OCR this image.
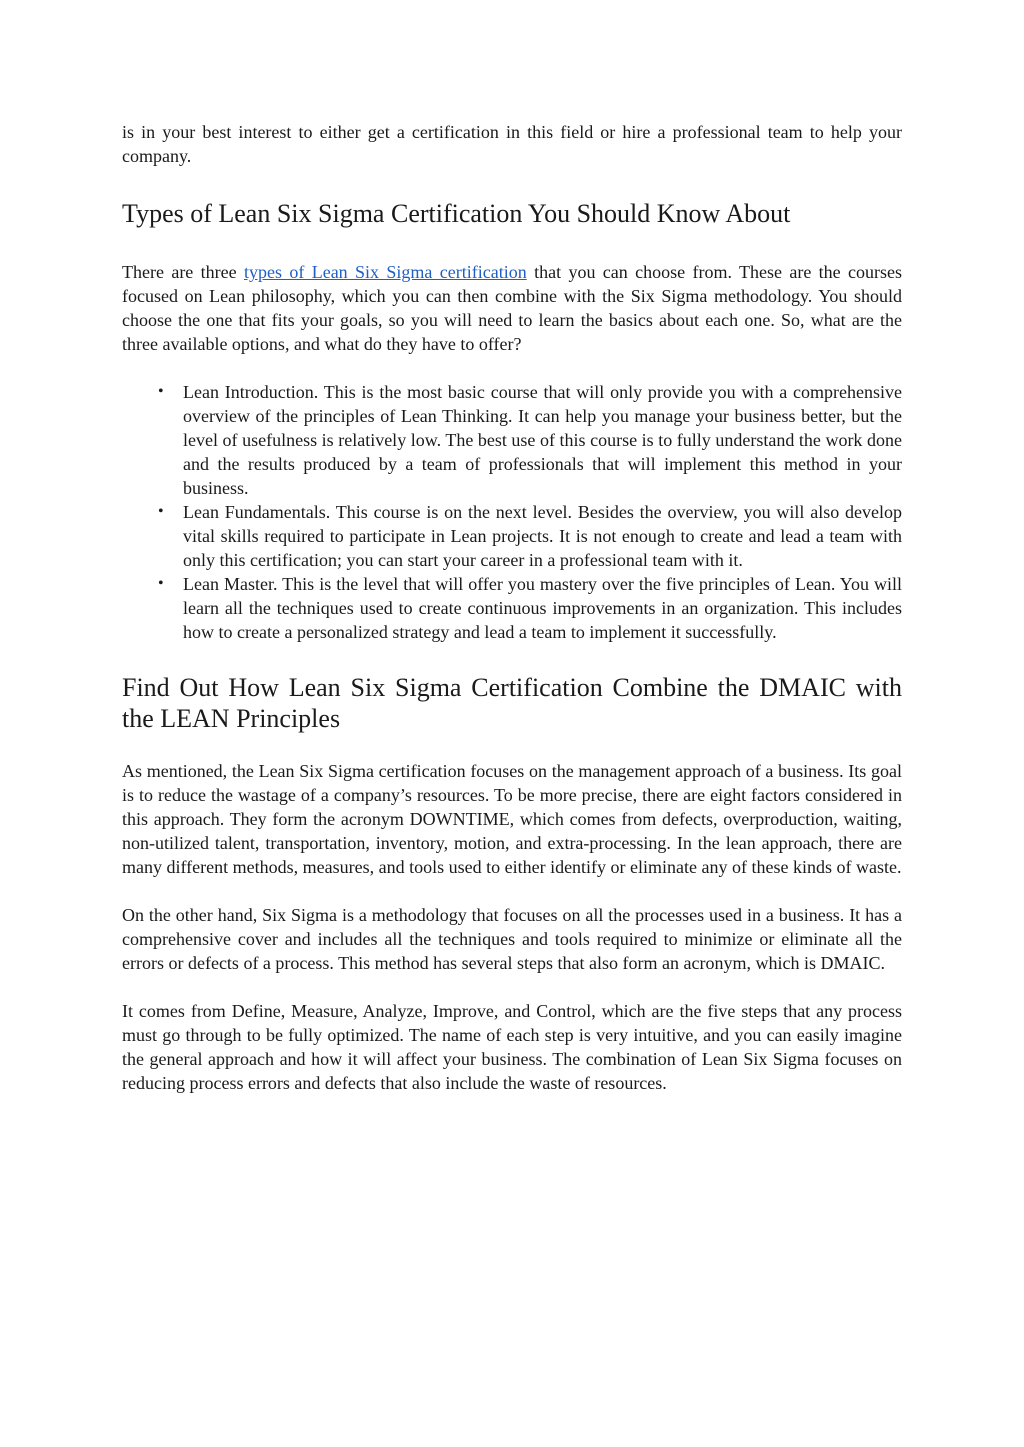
is in your best interest to either get a certification in this field or hire a professional team to help your company.

Types of Lean Six Sigma Certification You Should Know About

There are three types of Lean Six Sigma certification that you can choose from. These are the courses focused on Lean philosophy, which you can then combine with the Six Sigma methodology. You should choose the one that fits your goals, so you will need to learn the basics about each one. So, what are the three available options, and what do they have to offer?

• Lean Introduction. This is the most basic course that will only provide you with a comprehensive overview of the principles of Lean Thinking. It can help you manage your business better, but the level of usefulness is relatively low. The best use of this course is to fully understand the work done and the results produced by a team of professionals that will implement this method in your business.
• Lean Fundamentals. This course is on the next level. Besides the overview, you will also develop vital skills required to participate in Lean projects. It is not enough to create and lead a team with only this certification; you can start your career in a professional team with it.
• Lean Master. This is the level that will offer you mastery over the five principles of Lean. You will learn all the techniques used to create continuous improvements in an organization. This includes how to create a personalized strategy and lead a team to implement it successfully.
Find Out How Lean Six Sigma Certification Combine the DMAIC with the LEAN Principles

As mentioned, the Lean Six Sigma certification focuses on the management approach of a business. Its goal is to reduce the wastage of a company’s resources. To be more precise, there are eight factors considered in this approach. They form the acronym DOWNTIME, which comes from defects, overproduction, waiting, non-utilized talent, transportation, inventory, motion, and extra-processing. In the lean approach, there are many different methods, measures, and tools used to either identify or eliminate any of these kinds of waste.

On the other hand, Six Sigma is a methodology that focuses on all the processes used in a business. It has a comprehensive cover and includes all the techniques and tools required to minimize or eliminate all the errors or defects of a process. This method has several steps that also form an acronym, which is DMAIC.

It comes from Define, Measure, Analyze, Improve, and Control, which are the five steps that any process must go through to be fully optimized. The name of each step is very intuitive, and you can easily imagine the general approach and how it will affect your business. The combination of Lean Six Sigma focuses on reducing process errors and defects that also include the waste of resources.
